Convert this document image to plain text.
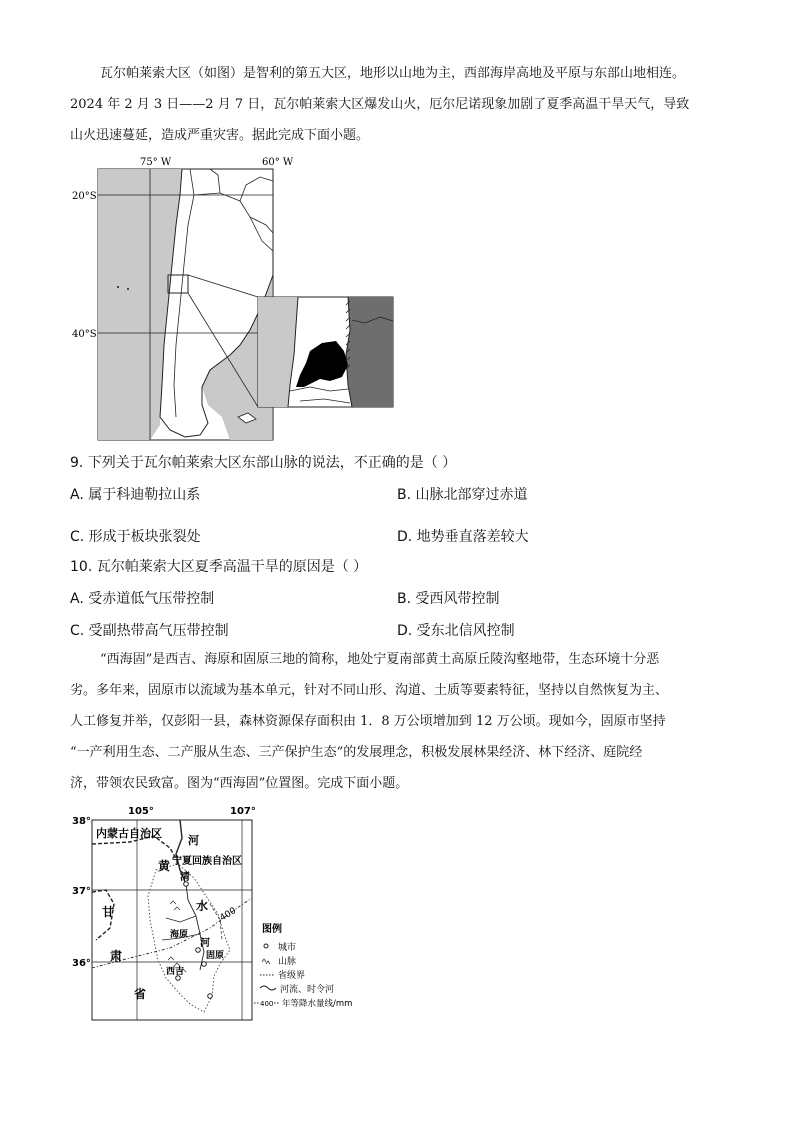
瓦尔帕莱索大区（如图）是智利的第五大区，地形以山地为主，西部海岸高地及平原与东部山地相连。
2024 年 2 月 3 日——2 月 7 日，瓦尔帕莱索大区爆发山火，厄尔尼诺现象加剧了夏季高温干旱天气，导致
山火迅速蔓延，造成严重灾害。据此完成下面小题。
75° W	60° W
20°S
40°S
9. 下列关于瓦尔帕莱索大区东部山脉的说法，不正确的是（ ）
A. 属于科迪勒拉山系	B. 山脉北部穿过赤道
C. 形成于板块张裂处	D. 地势垂直落差较大
10. 瓦尔帕莱索大区夏季高温干旱的原因是（ ）
A. 受赤道低气压带控制	B. 受西风带控制
C. 受副热带高气压带控制	D. 受东北信风控制
“西海固”是西吉、海原和固原三地的简称，地处宁夏南部黄土高原丘陵沟壑地带，生态环境十分恶
劣。多年来，固原市以流域为基本单元，针对不同山形、沟道、土质等要素特征，坚持以自然恢复为主、
人工修复并举，仅彭阳一县，森林资源保存面积由 1．8 万公顷增加到 12 万公顷。现如今，固原市坚持
“一产利用生态、二产服从生态、三产保护生态”的发展理念，积极发展林果经济、林下经济、庭院经
济，带领农民致富。图为“西海固”位置图。完成下面小题。
105°	107°
38°
37°
36°
400
内蒙古自治区
宁夏回族自治区
甘
肃
省
河
黄
清
水
河
海原
固原
西吉
图例
城市
山脉
省级界
河流、时令河
400 年等降水量线/mm
